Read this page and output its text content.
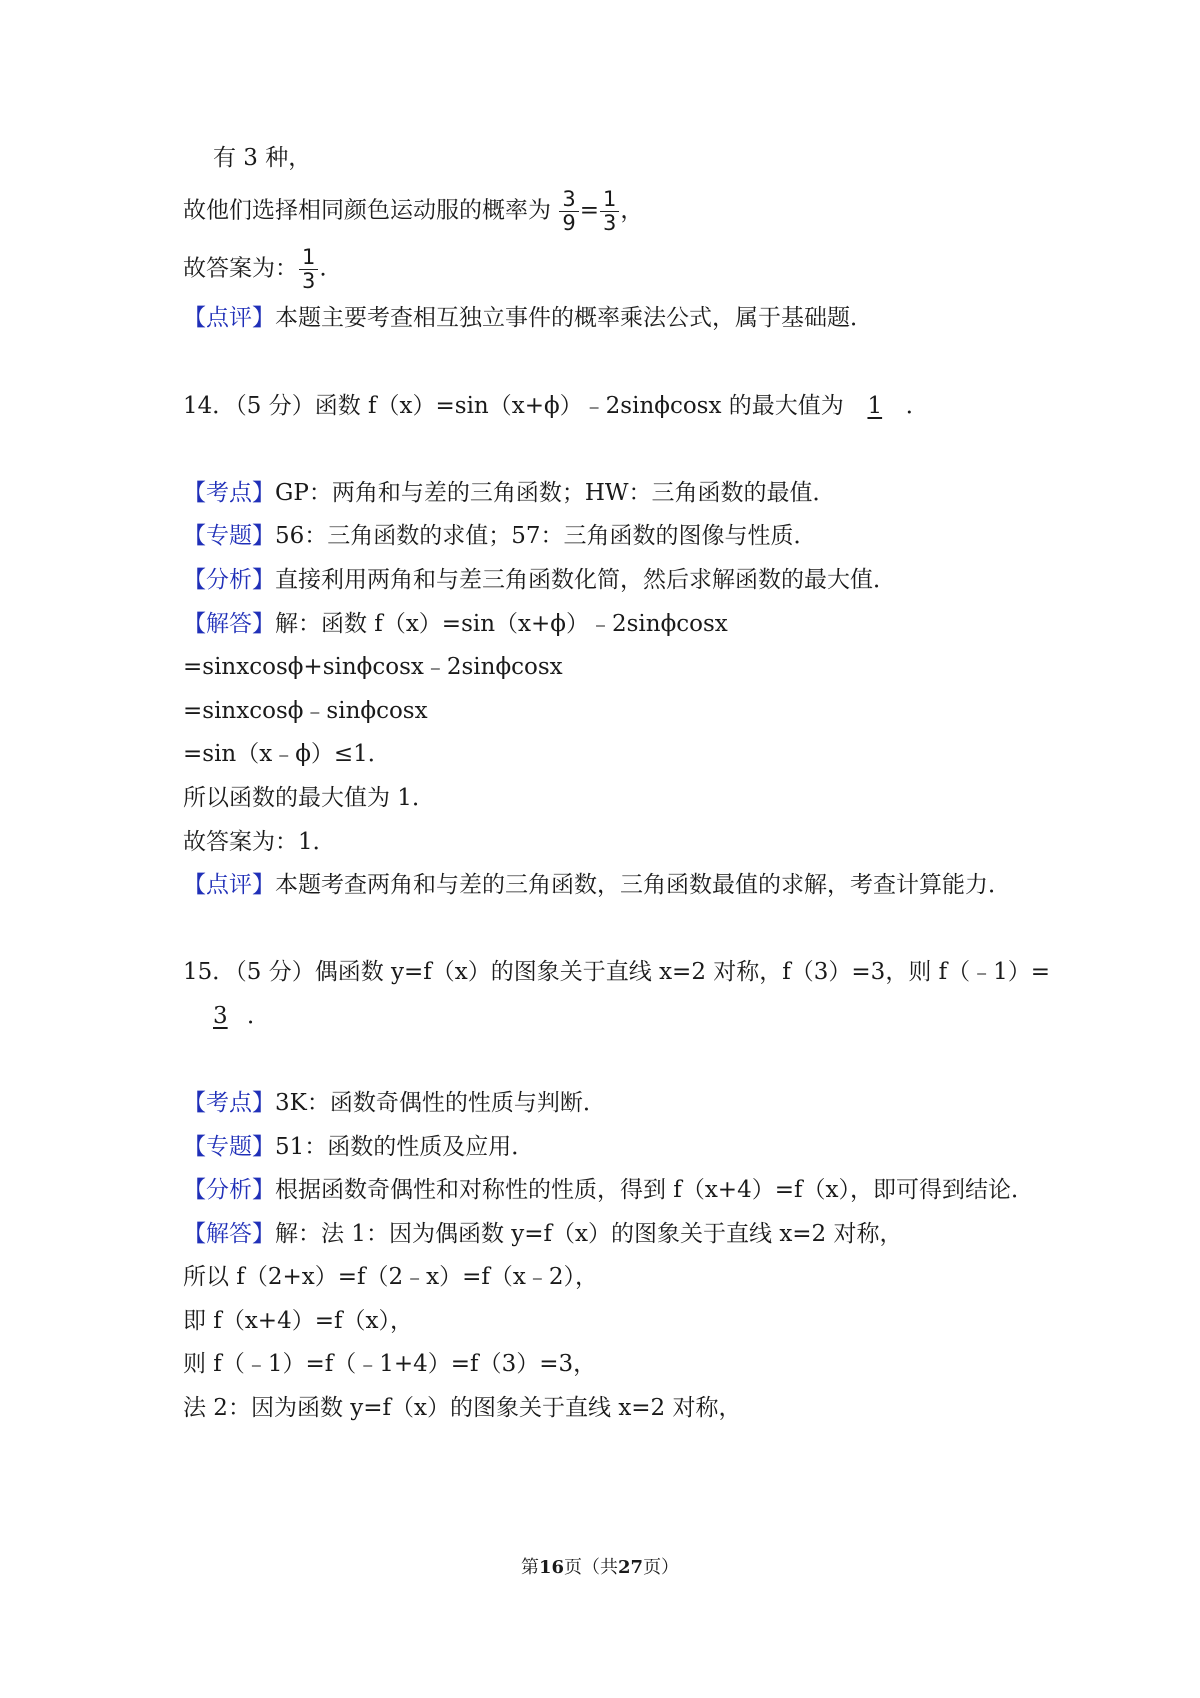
有 3 种，
故他们选择相同颜色运动服的概率为 $\frac{3}{9} = \frac{1}{3}$ ，
故答案为： $\frac{1}{3}$ .
【点评】本题主要考查相互独立事件的概率乘法公式，属于基础题．
14．（5 分）函数 f（x）=sin（x+ϕ）﹣2sinϕcosx 的最大值为 1 ．
【考点】GP：两角和与差的三角函数；HW：三角函数的最值．
【专题】56：三角函数的求值；57：三角函数的图像与性质．
【分析】直接利用两角和与差三角函数化简，然后求解函数的最大值．
【解答】解：函数 f（x）=sin（x+ϕ）﹣2sinϕcosx
=sinxcosϕ+sinϕcosx﹣2sinϕcosx
=sinxcosϕ﹣sinϕcosx
=sin（x﹣ϕ）≤1．
所以函数的最大值为 1．
故答案为：1．
【点评】本题考查两角和与差的三角函数，三角函数最值的求解，考查计算能力．
15．（5 分）偶函数 y=f（x）的图象关于直线 x=2 对称，f（3）=3，则 f（﹣1）=
3 ．
【考点】3K：函数奇偶性的性质与判断．
【专题】51：函数的性质及应用．
【分析】根据函数奇偶性和对称性的性质，得到 f（x+4）=f（x），即可得到结论．
【解答】解：法 1：因为偶函数 y=f（x）的图象关于直线 x=2 对称，
所以 f（2+x）=f（2﹣x）=f（x﹣2），
即 f（x+4）=f（x），
则 f（﹣1）=f（﹣1+4）=f（3）=3，
法 2：因为函数 y=f（x）的图象关于直线 x=2 对称，
第16页（共27页）
